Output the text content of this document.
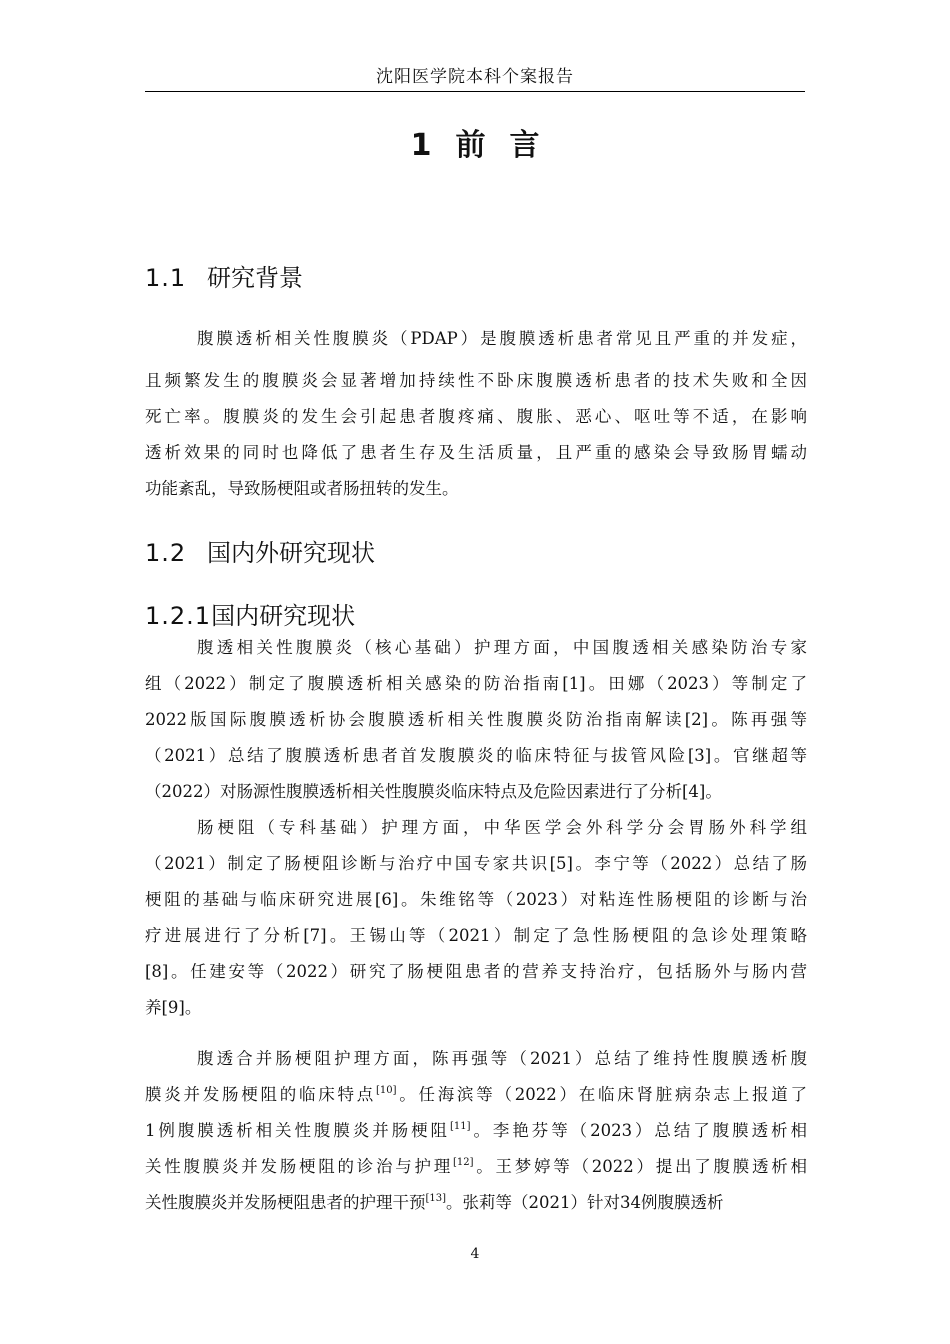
沈阳医学院本科个案报告
1 前 言
1.1 研究背景
腹膜透析相关性腹膜炎（PDAP）是腹膜透析患者常见且严重的并发症，
且频繁发生的腹膜炎会显著增加持续性不卧床腹膜透析患者的技术失败和全因
死亡率。腹膜炎的发生会引起患者腹疼痛、腹胀、恶心、呕吐等不适，在影响
透析效果的同时也降低了患者生存及生活质量，且严重的感染会导致肠胃蠕动
功能紊乱，导致肠梗阻或者肠扭转的发生。
1.2 国内外研究现状
1.2.1国内研究现状
腹透相关性腹膜炎（核心基础）护理方面，中国腹透相关感染防治专家
组（2022）制定了腹膜透析相关感染的防治指南[1]。田娜（2023）等制定了
2022版国际腹膜透析协会腹膜透析相关性腹膜炎防治指南解读[2]。陈再强等
（2021）总结了腹膜透析患者首发腹膜炎的临床特征与拔管风险[3]。官继超等
（2022）对肠源性腹膜透析相关性腹膜炎临床特点及危险因素进行了分析[4]。
肠梗阻（专科基础）护理方面，中华医学会外科学分会胃肠外科学组
（2021）制定了肠梗阻诊断与治疗中国专家共识[5]。李宁等（2022）总结了肠
梗阻的基础与临床研究进展[6]。朱维铭等（2023）对粘连性肠梗阻的诊断与治
疗进展进行了分析[7]。王锡山等（2021）制定了急性肠梗阻的急诊处理策略
[8]。任建安等（2022）研究了肠梗阻患者的营养支持治疗，包括肠外与肠内营
养[9]。
腹透合并肠梗阻护理方面，陈再强等（2021）总结了维持性腹膜透析腹
膜炎并发肠梗阻的临床特点[10]。任海滨等（2022）在临床肾脏病杂志上报道了
1例腹膜透析相关性腹膜炎并肠梗阻[11]。李艳芬等（2023）总结了腹膜透析相
关性腹膜炎并发肠梗阻的诊治与护理[12]。王梦婷等（2022）提出了腹膜透析相
关性腹膜炎并发肠梗阻患者的护理干预[13]。张莉等（2021）针对34例腹膜透析
4
